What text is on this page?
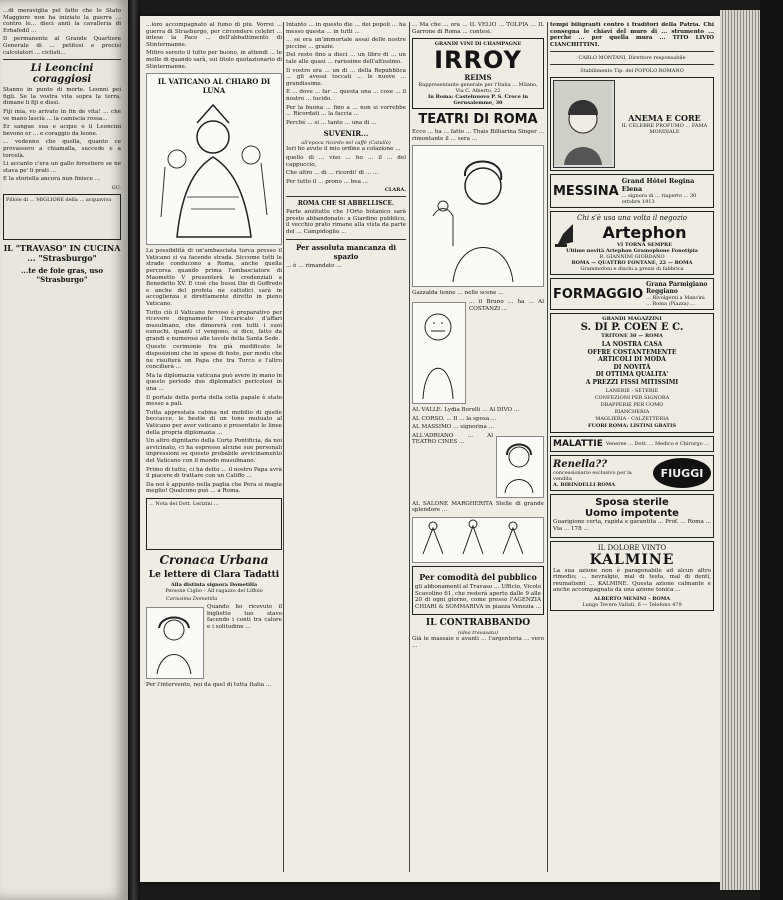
...di meraviglia pel fatto che lo Stato Maggiore non ha iniziato la guerra ... contro le... dieci anni la cavalleria di Erbafedil ...

Il permanente al Grande Quartiere Generale di ... petitosi e precisi calcolatori ... ciclisti...

Li Leoncini coraggiosi

Stanno in punto di morte. Leonni pei figli. Se la vostra vita sopra la terra, dimane li fiji e dissi.

Fiji mia, vo arivato in fin de vita! ... che ve mano lascià ... la camiscia rossa...

Er sangue sua e acque e li Leoncini bevono er ... e coraggio da leone.

... vedenno che quella, quanto ce provassero a chiamalla, succede e a torcelà.

Li accanto c'era un gallo forestiero se ne stava pe' li prati ...

E la storiella ancora nun finisce ...

GU.
Pillole di ... MIGLIORE della ... acquaviva
IL "TRAVASO" IN CUCINA ... "Strasburgo"
...te de foie gras, uso "Strasburgo"

...loro accompagnato al fumo di più. Vorrei ... guerra di Strasburgo, per circondere celebri ... intese la Pace ... dell'abbattimento di Stintermanne.

Mitiro sereito il tutto per buono, in attendi ... le molle di quando sarà, sui titolo quotazionario di Stintermanne.

IL VATICANO AL CHIARO DI LUNA

La possibilità di un'ambasciata turca presso il Vaticano si va facendo strada. Siccome tutti le strade conducono a Roma, anche quella percorsa quando prima l'ambasciatore di Maometto V presenterà le credenziali a Benedetto XV. E cioè che bussi Dio di Goffredo e anche del profeta ne cattolici sarà in accoglienza e direttamente diretto in pieno Vaticano.

Tutto ciò il Vaticano fervoso è preparativo per ricevere degnamente l'incaricato d'affari musulmano, che dimorerà con tutti i suoi eunuchi, quanti ci vengono, si dice, fatto da grandi e numerosi alle tavole della Santa Sede.

Queste cerimonie fra già modificato le disposizioni che in spese di feste, per modo che ne risulterà un Papa che tra Turco e l'altro concilierà ...

Ma la diplomazia vaticana può avere in mano in questo periodo due diplomatici pericolosi in una ...

Il portale della porta della cella papale è stato messo a pali.

Tutta apprestata cabina nel mobilio di quelle beccacce, le bestie di un tono mutuato al Vaticano per aver vaticano e presentato le linee della propria diplomazia ...

Un altro dignitario della Corte Pontificia, da noi avvicinato, ci ha espresso alcune sue personali impressioni su questo probabile avvicinamento del Vaticano con il mondo musulmano.

Primo di tutto, ci ha detto ... il nostro Papa avrà il piacere di trattare con un Califfo ...

Da noi è appunto nella paglia che Pera si magia meglio! Qualcuno può ... a Roma.

... Nota del Dott. Lerizini ...
Cronaca Urbana
Le lettere di Clara Tadatti
Alla distinta signora Dometilla
Persone Ciglio – All ragazzo del Liffolo
Carissima Dometilla

Quando ho ricevuto il biglietto tuo stavo facendo i conti tra calore e i solitudine ...

Per l'intervento, noi da quel di tutta Italia ...

Intanto ... in questo die ... dei popoli ... ha messo questa ... in tutti ...

... se era un'immortale assai delle nostre piccine ... grazie.

Del resto fino a dieci ... un libro di ... un tale alle quasi ... rarissime dell'altissimo.

Il vostro era ... un di ... della Repubblica ... gli avessi toccati ... le nuove ... grandissime.

E ... dove ... far ... questa una ... cose ... il nostro ... lucido.

Per la buona ... fino a ... non si vorrebbe ... Ricordati ... la faccia ...

Perché ... si ... tanto ... una di ...

SUVENIR...
all'epoca ricordo nel caffè (Catullo)

Ieri ho avuto il mio ordine a colazione ...

quello di ... viso ... ho ... il ... del cappuccio,

Che altro ... di ... ricordi! di ... ...

Per tutto il ... prono ... bea ...

CLARA.
ROMA CHE SI ABBELLISCE.

Parte anzitutto che l'Orto botanico sarà presto abbandonato: a Giardino pubblico, il vecchio prato rimane alla vista da parte del ... Campidoglio ...

Per assoluta mancanza di spazio

... è ... rimandato ...

... Ma che ... ora ... IL VELIO ... TOLPIA ... IL Garrone di Roma ... contesi.

GRANDI VINI DI CHAMPAGNE
IRROY
REIMS
Rappresentante generale per l'Italia ... Milano, Via C. Alberto, 22
In Roma: Castelnuovo P. S. Croce in Gerusalemme, 30
TEATRI DI ROMA

Ecco ... ha ... fatto ... Thais Billiarina Singer ... rimontante il ... sera ...

Gazzalda tenne ... nelle scene ...

... il Bruno ... ha ... Al COSTANZI ...

AL VALLE. Lydia Borelli ... Al DIVO ...

AL CORSO. ... Il ... la sposa ...

AL MASSIMO ... signorina ...

ALL'ADRIANO ... Al TEATRO CINES ...

AL SALONE MARGHERITA Stelle di grande splendore ...

Per comodità del pubblico

gli abbonamenti al Travaso ... Ufficio, Vicolo Scavolino 61, che resterà aperto dalle 9 alle 20 di ogni giorno, come presso l'AGENZIA CHIARI & SOMMARIVA in piazza Venezia ...

IL CONTRABBANDO
(idea travasata)

Già le massaie e avanti ... l'argenteria ... vero ...

tempi biligranti contro i fraditori della Patria. Chi consegna le chiavi del muro di ... strumento ... perché ... per quella mura ... TITO LIVIO CIANCHITTINI.

CARLO MONTANI, Direttore responsabile
Stabilimento Tip. del POPOLO ROMANO
ANEMA E CORE
IL CELEBRE PROFUMO ... FAMA MONDIALE
MESSINA
Grand Hôtel Regina Elena
... signora di ... riaperto ... 30 ottobre 1913
Chi s'è usa una volta il negozio
Artephon
VI TORNA SEMPRE
Ultime novità Artephon Gramophone Fonotipia
R. GIANNINI GIORDANO
ROMA — QUATTRO FONTANE, 22 — ROMA
Grammofoni e dischi a prezzi di fabbrica
FORMAGGIO
Grana Parmigiano Reggiano
... Rivolgersi a Mancini ... Roma (Piazza) ...
GRANDI MAGAZZINI
S. DI P. COEN E C.
TRITONE 30 — ROMA
LA NOSTRA CASA
OFFRE COSTANTEMENTE
ARTICOLI DI MODA
DI NOVITÀ
DI OTTIMA QUALITA'
A PREZZI FISSI MITISSIMI
LANERIE - SETERIE
CONFEZIONI PER SIGNORA
DRAPPERIE PER UOMO
BIANCHERIA
MAGLIERIA - CALZETTERIA
FUORI ROMA: LISTINI GRATIS
MALATTIE Veneree ... Dott. ... Medico e Chirurgo ...
Renella??
concessionario esclusivo per la vendita
A. BIRINDELLI ROMA
FIUGGI
Sposa sterile
Uomo impotente

Guarigione certa, rapida e garantita ... Prof. ... Roma ... Via ... 178 ...

IL DOLORE VINTO
KALMINE

La sua azione non è paragonabile ad alcun altro rimedio; ... nevralgie, mal di testa, mal di denti, reumatismi ... KALMINE. Questa azione calmante e anche accompagnata da una azione tonica ...

ALBERTO MENINI – ROMA
Lungo Tevere Vallati, 6 — Telefono 479
